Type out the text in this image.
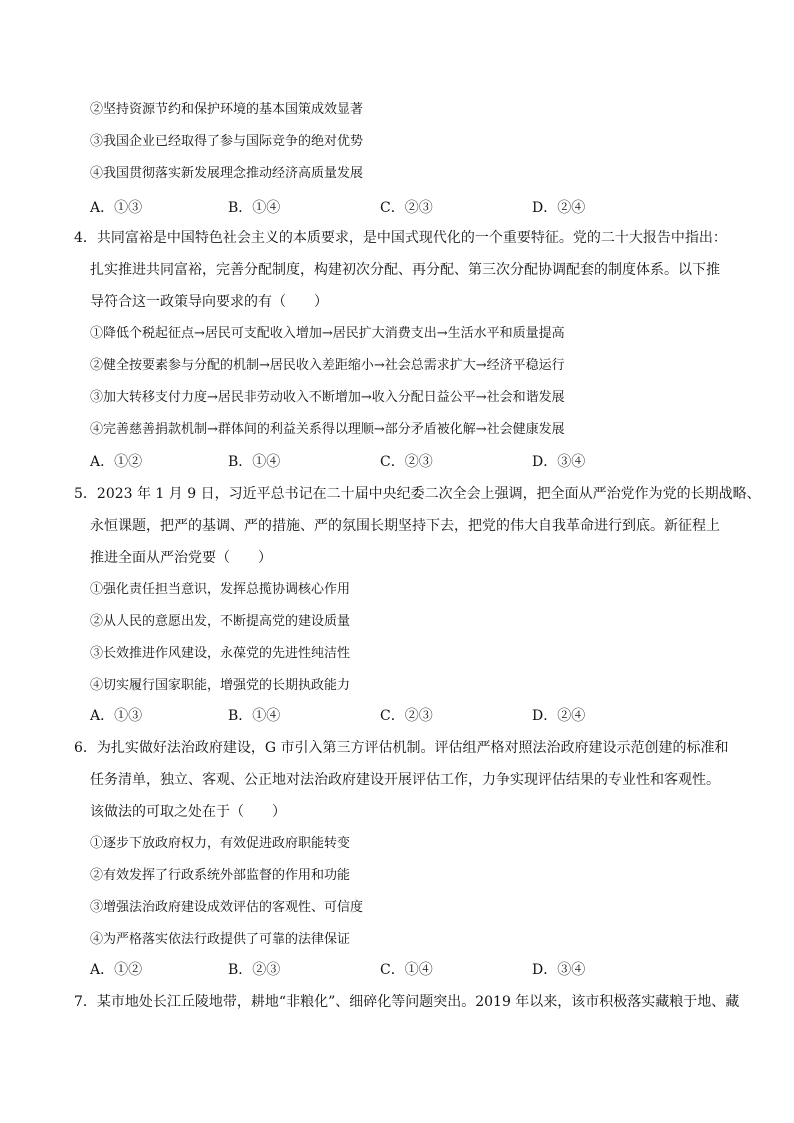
②坚持资源节约和保护环境的基本国策成效显著
③我国企业已经取得了参与国际竞争的绝对优势
④我国贯彻落实新发展理念推动经济高质量发展
A．①③	B．①④	C．②③	D．②④
4．共同富裕是中国特色社会主义的本质要求，是中国式现代化的一个重要特征。党的二十大报告中指出：
扎实推进共同富裕，完善分配制度，构建初次分配、再分配、第三次分配协调配套的制度体系。以下推
导符合这一政策导向要求的有（　　）
①降低个税起征点→居民可支配收入增加→居民扩大消费支出→生活水平和质量提高
②健全按要素参与分配的机制→居民收入差距缩小→社会总需求扩大→经济平稳运行
③加大转移支付力度→居民非劳动收入不断增加→收入分配日益公平→社会和谐发展
④完善慈善捐款机制→群体间的利益关系得以理顺→部分矛盾被化解→社会健康发展
A．①②	B．①④	C．②③	D．③④
5．2023 年 1 月 9 日，习近平总书记在二十届中央纪委二次全会上强调，把全面从严治党作为党的长期战略、
永恒课题，把严的基调、严的措施、严的氛围长期坚持下去，把党的伟大自我革命进行到底。新征程上
推进全面从严治党要（　　）
①强化责任担当意识，发挥总揽协调核心作用
②从人民的意愿出发，不断提高党的建设质量
③长效推进作风建设，永葆党的先进性纯洁性
④切实履行国家职能，增强党的长期执政能力
A．①③	B．①④	C．②③	D．②④
6．为扎实做好法治政府建设，G 市引入第三方评估机制。评估组严格对照法治政府建设示范创建的标准和
任务清单，独立、客观、公正地对法治政府建设开展评估工作，力争实现评估结果的专业性和客观性。
该做法的可取之处在于（　　）
①逐步下放政府权力，有效促进政府职能转变
②有效发挥了行政系统外部监督的作用和功能
③增强法治政府建设成效评估的客观性、可信度
④为严格落实依法行政提供了可靠的法律保证
A．①②	B．②③	C．①④	D．③④
7．某市地处长江丘陵地带，耕地“非粮化”、细碎化等问题突出。2019 年以来，该市积极落实藏粮于地、藏
